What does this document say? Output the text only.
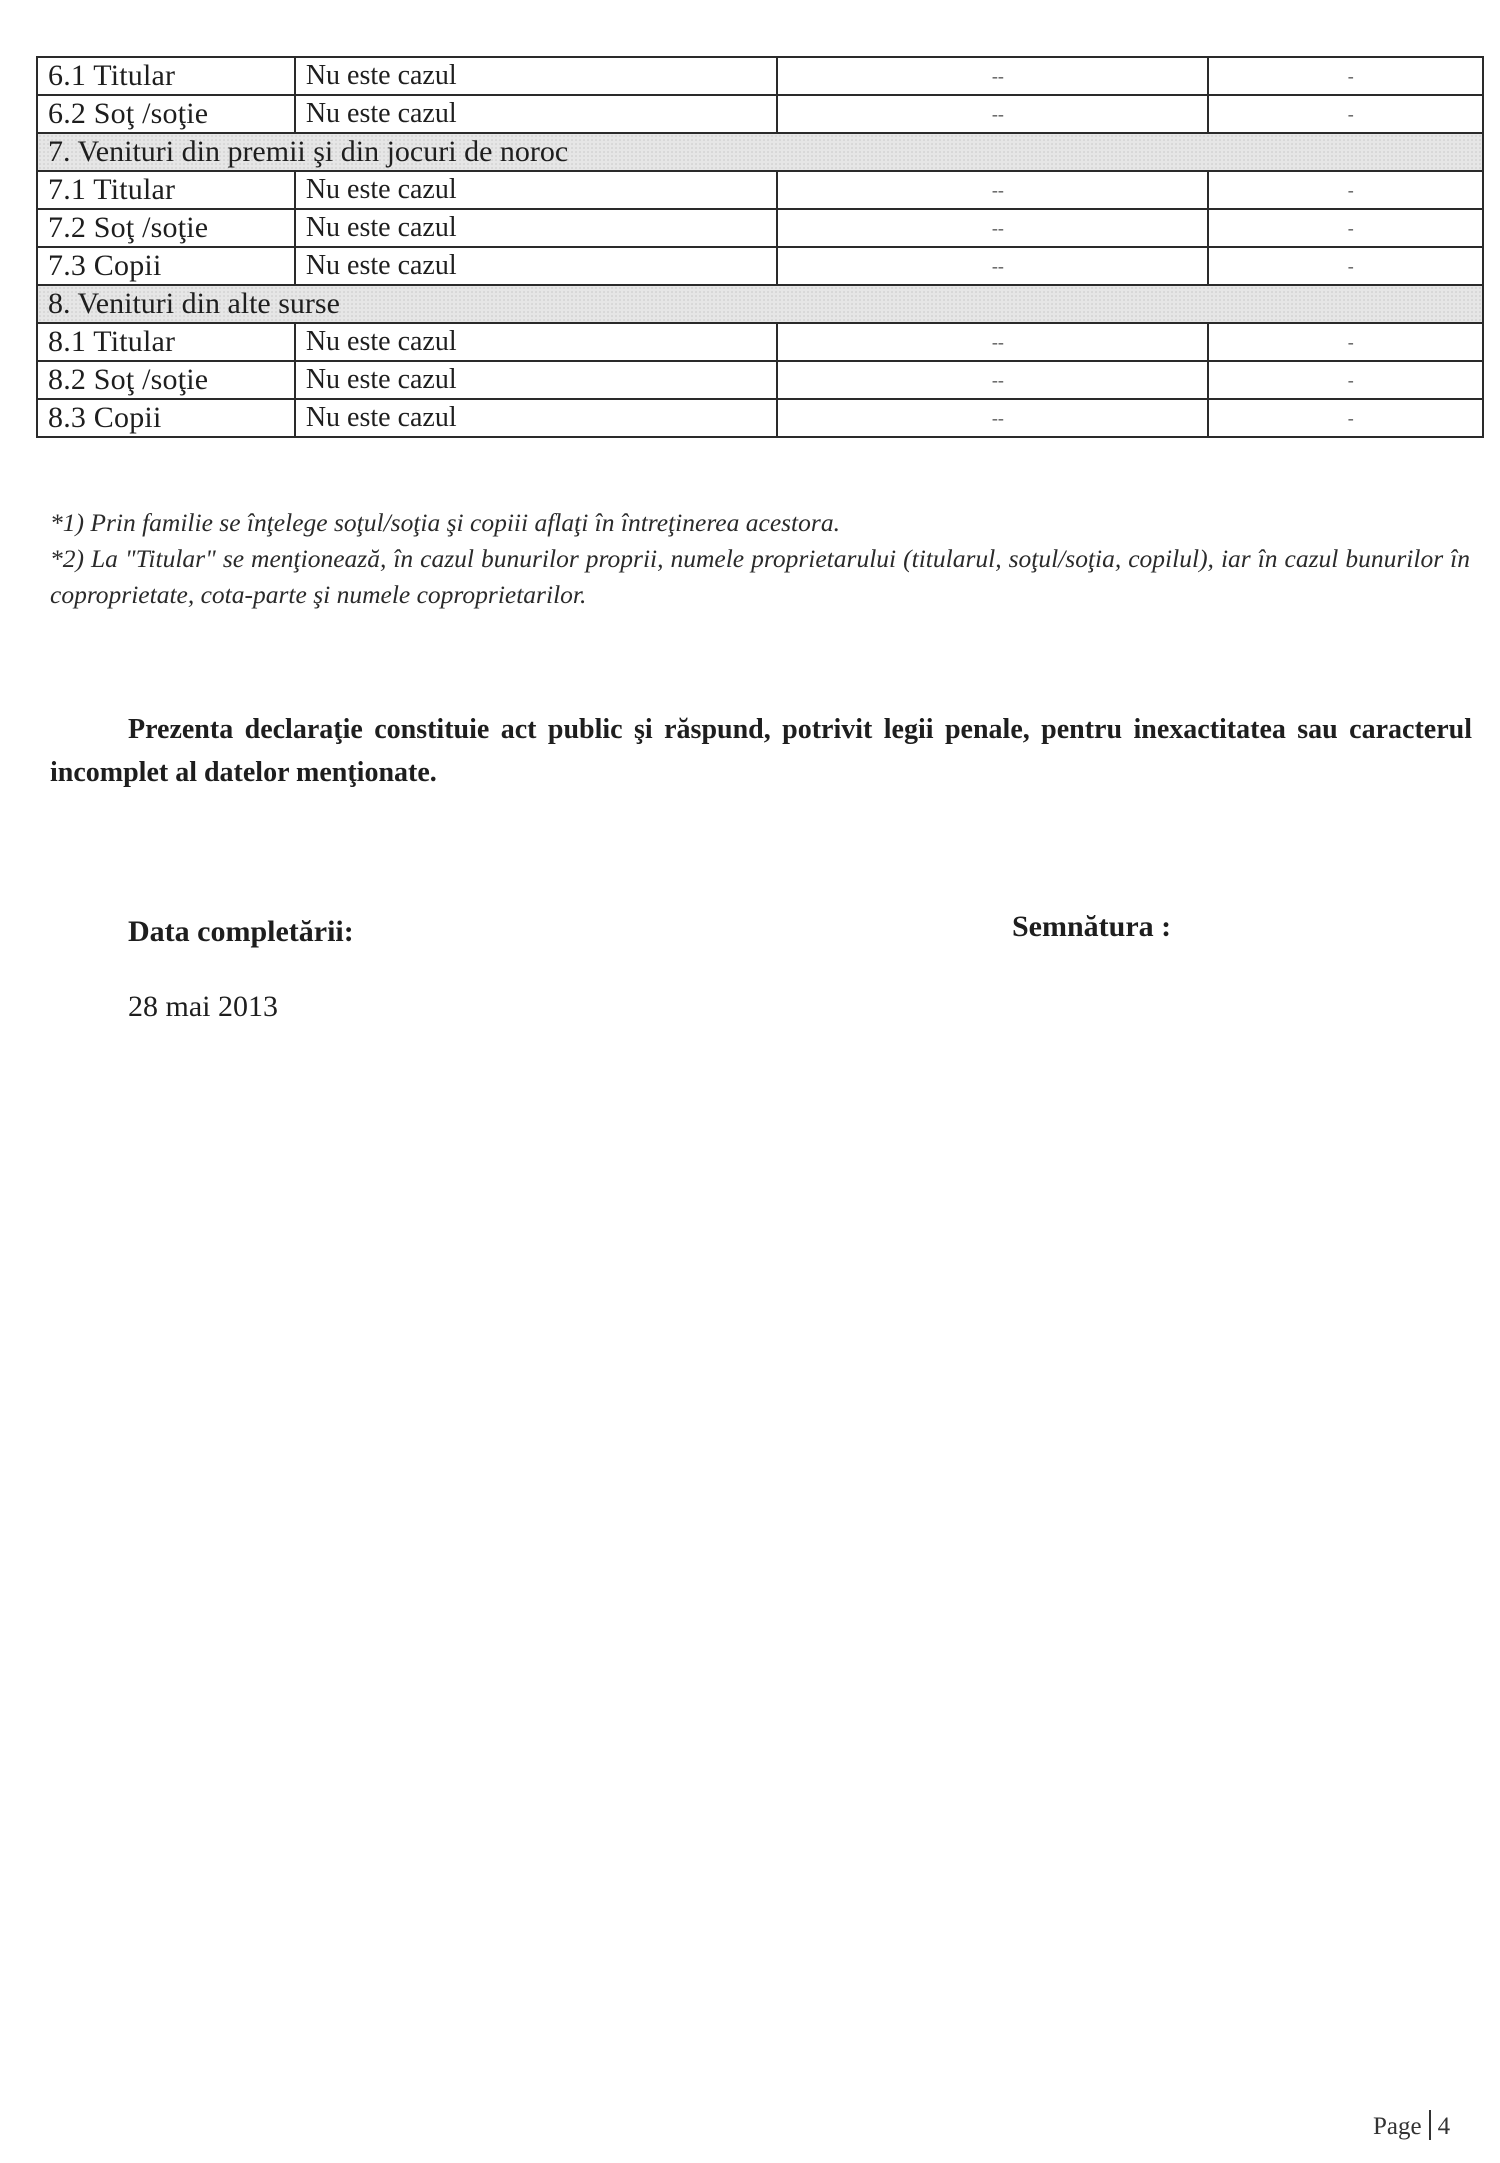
6.1 Titular	Nu este cazul	--	-
6.2 Soţ /soţie	Nu este cazul	--	-
7. Venituri din premii şi din jocuri de noroc			
7.1 Titular	Nu este cazul	--	-
7.2 Soţ /soţie	Nu este cazul	--	-
7.3 Copii	Nu este cazul	--	-
8. Venituri din alte surse			
8.1 Titular	Nu este cazul	--	-
8.2 Soţ /soţie	Nu este cazul	--	-
8.3 Copii	Nu este cazul	--	-

*1) Prin familie se înţelege soţul/soţia şi copiii aflaţi în întreţinerea acestora.

*2) La "Titular" se menţionează, în cazul bunurilor proprii, numele proprietarului (titularul, soţul/soţia, copilul), iar în cazul bunurilor în coproprietate, cota-parte şi numele coproprietarilor.

Prezenta declaraţie constituie act public şi răspund, potrivit legii penale, pentru inexactitatea sau caracterul incomplet al datelor menţionate.
Data completării:	Semnătura :
28 mai 2013
Page 4
